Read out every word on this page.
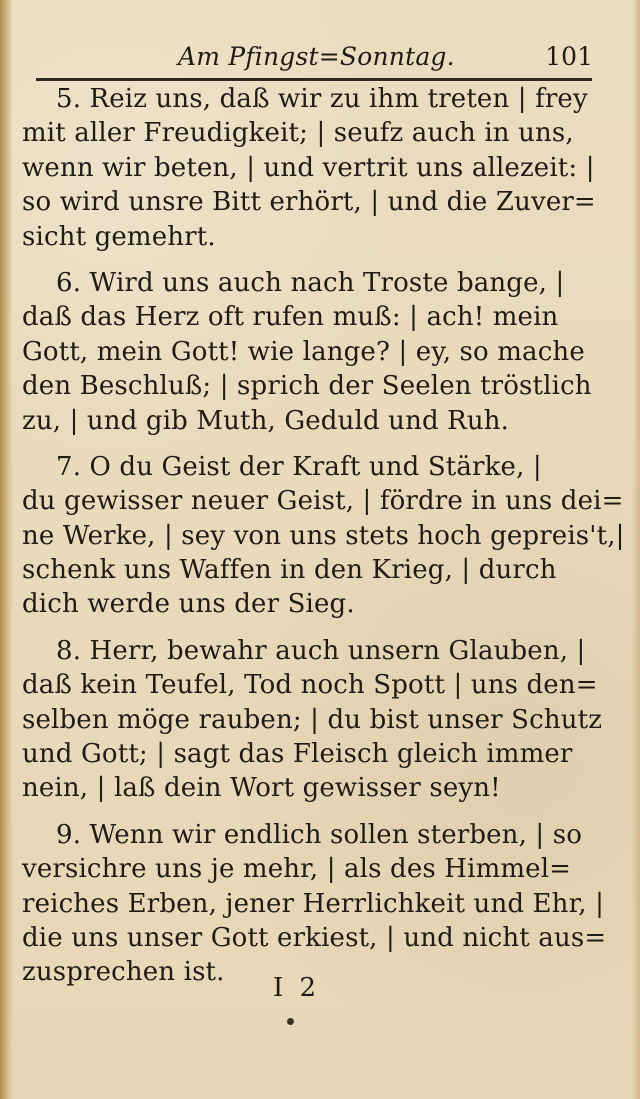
Am Pfingst=Sonntag.	101
5. Reiz uns, daß wir zu ihm treten | frey
mit aller Freudigkeit; | seufz auch in uns,
wenn wir beten, | und vertrit uns allezeit: |
so wird unsre Bitt erhört, | und die Zuver=
sicht gemehrt.
6. Wird uns auch nach Troste bange, |
daß das Herz oft rufen muß: | ach! mein
Gott, mein Gott! wie lange? | ey, so mache
den Beschluß; | sprich der Seelen tröstlich
zu, | und gib Muth, Geduld und Ruh.
7. O du Geist der Kraft und Stärke, |
du gewisser neuer Geist, | fördre in uns dei=
ne Werke, | sey von uns stets hoch gepreis't,|
schenk uns Waffen in den Krieg, | durch
dich werde uns der Sieg.
8. Herr, bewahr auch unsern Glauben, |
daß kein Teufel, Tod noch Spott | uns den=
selben möge rauben; | du bist unser Schutz
und Gott; | sagt das Fleisch gleich immer
nein, | laß dein Wort gewisser seyn!
9. Wenn wir endlich sollen sterben, | so
versichre uns je mehr, | als des Himmel=
reiches Erben, jener Herrlichkeit und Ehr, |
die uns unser Gott erkiest, | und nicht aus=
zusprechen ist.
I 2
